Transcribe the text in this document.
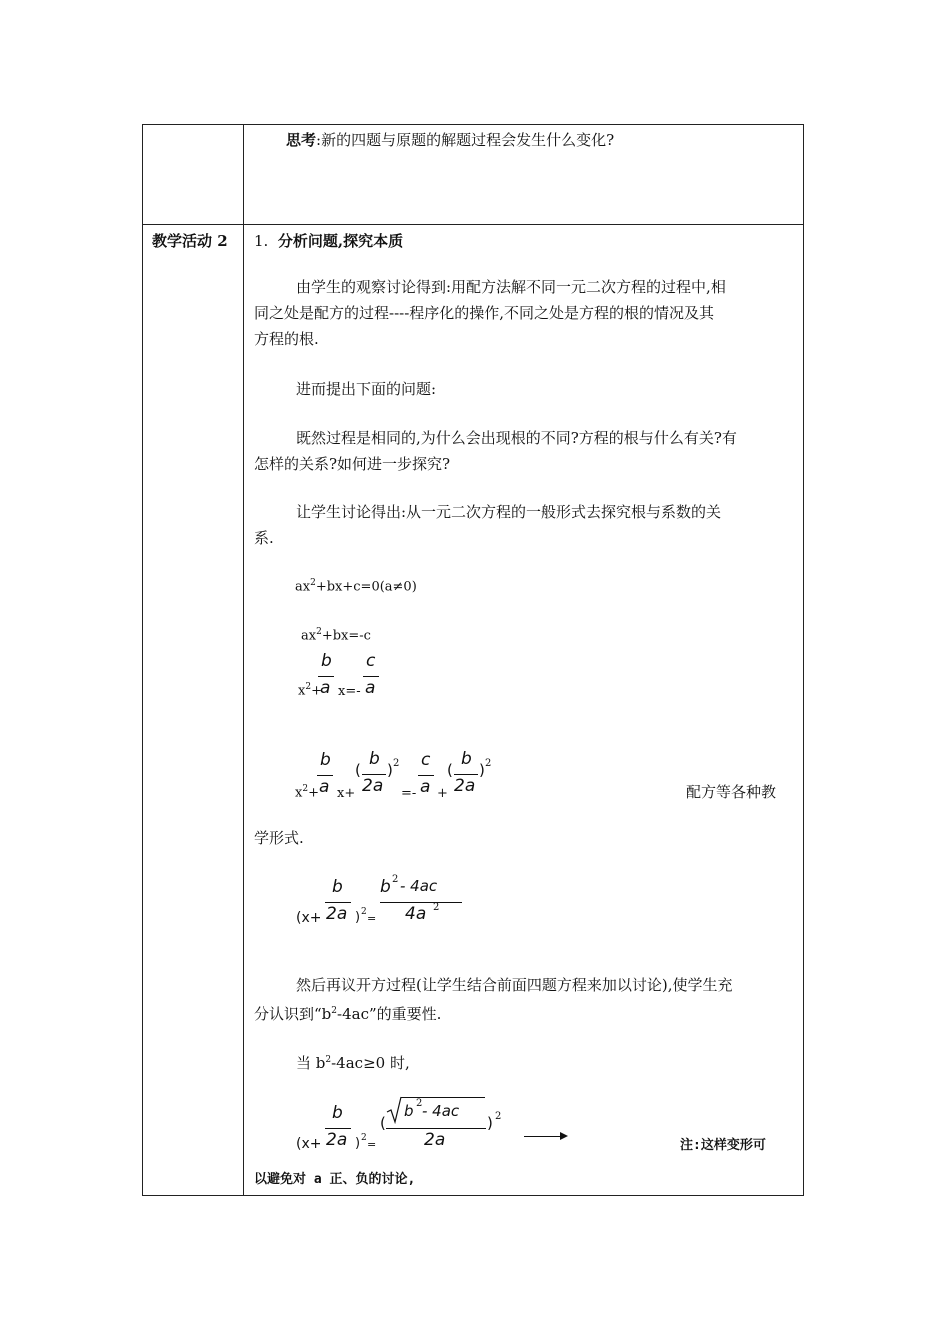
思考:新的四题与原题的解题过程会发生什么变化?
教学活动 2 1. 分析问题,探究本质
由学生的观察讨论得到:用配方法解不同一元二次方程的过程中,相
同之处是配方的过程----程序化的操作,不同之处是方程的根的情况及其
方程的根.
进而提出下面的问题:
既然过程是相同的,为什么会出现根的不同?方程的根与什么有关?有
怎样的关系?如何进一步探究?
让学生讨论得出:从一元二次方程的一般形式去探究根与系数的关
系.
$ax^2+bx+c=0(a\ne 0)$
$ax^2+bx=-c$
$x^2+$
b
a x=-
c
a
$x^2+$
b
a x+
(
b
2a
) 2
=-
c
a +
(
b
2a
) 2
配方等各种教
学形式.
(x+
b
2a ) 2 =
b 2 - 4ac
4a 2
然后再议开方过程(让学生结合前面四题方程来加以讨论),使学生充
分认识到“$b^2-4ac$”的重要性.
当 $b^2-4ac\ge 0$ 时,
(x+
b
2a ) 2 =
(
b 2 - 4ac
2a
) 2
注:这样变形可
以避免对 a 正、负的讨论,
